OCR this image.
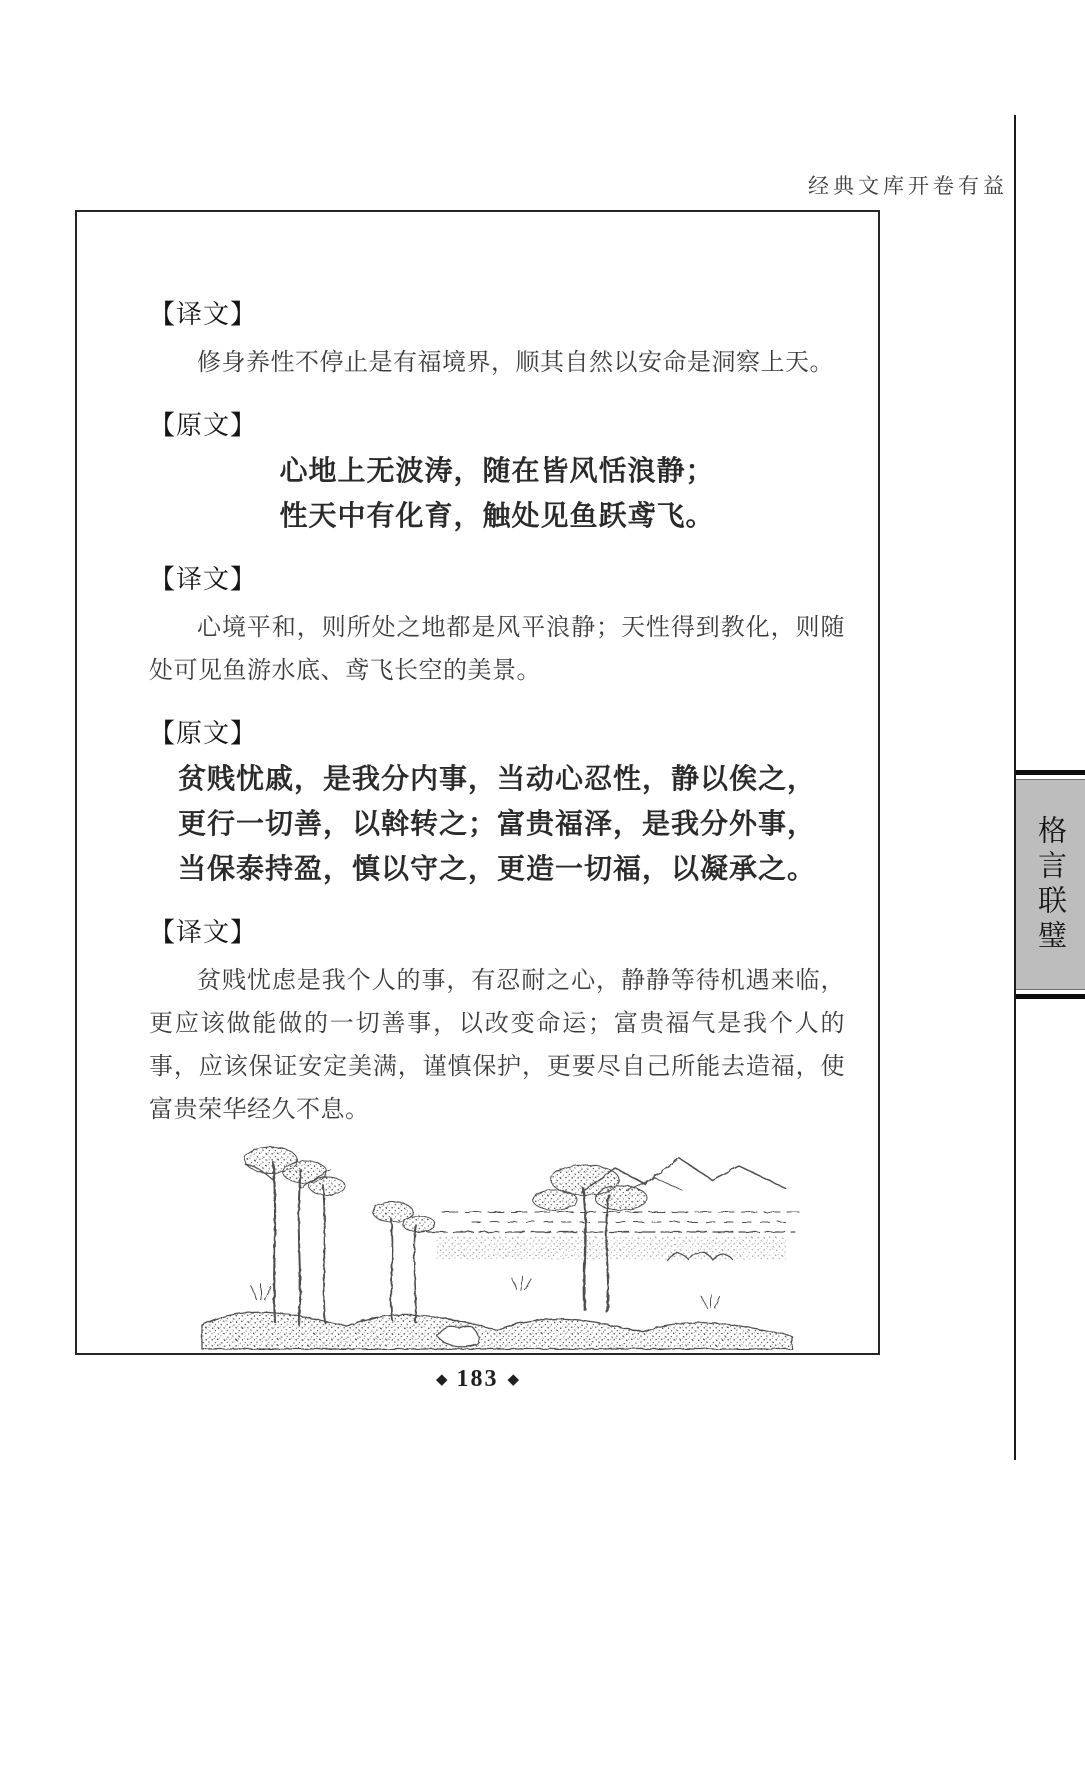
经典文库开卷有益
格言联璧
【译文】

修身养性不停止是有福境界，顺其自然以安命是洞察上天。

【原文】
心地上无波涛，随在皆风恬浪静；
性天中有化育，触处见鱼跃鸢飞。
【译文】

心境平和，则所处之地都是风平浪静；天性得到教化，则随处可见鱼游水底、鸢飞长空的美景。

【原文】
贫贱忧戚，是我分内事，当动心忍性，静以俟之，
更行一切善，以斡转之；富贵福泽，是我分外事，
当保泰持盈，慎以守之，更造一切福，以凝承之。
【译文】

贫贱忧虑是我个人的事，有忍耐之心，静静等待机遇来临，更应该做能做的一切善事，以改变命运；富贵福气是我个人的事，应该保证安定美满，谨慎保护，更要尽自己所能去造福，使富贵荣华经久不息。

◆ 183 ◆
